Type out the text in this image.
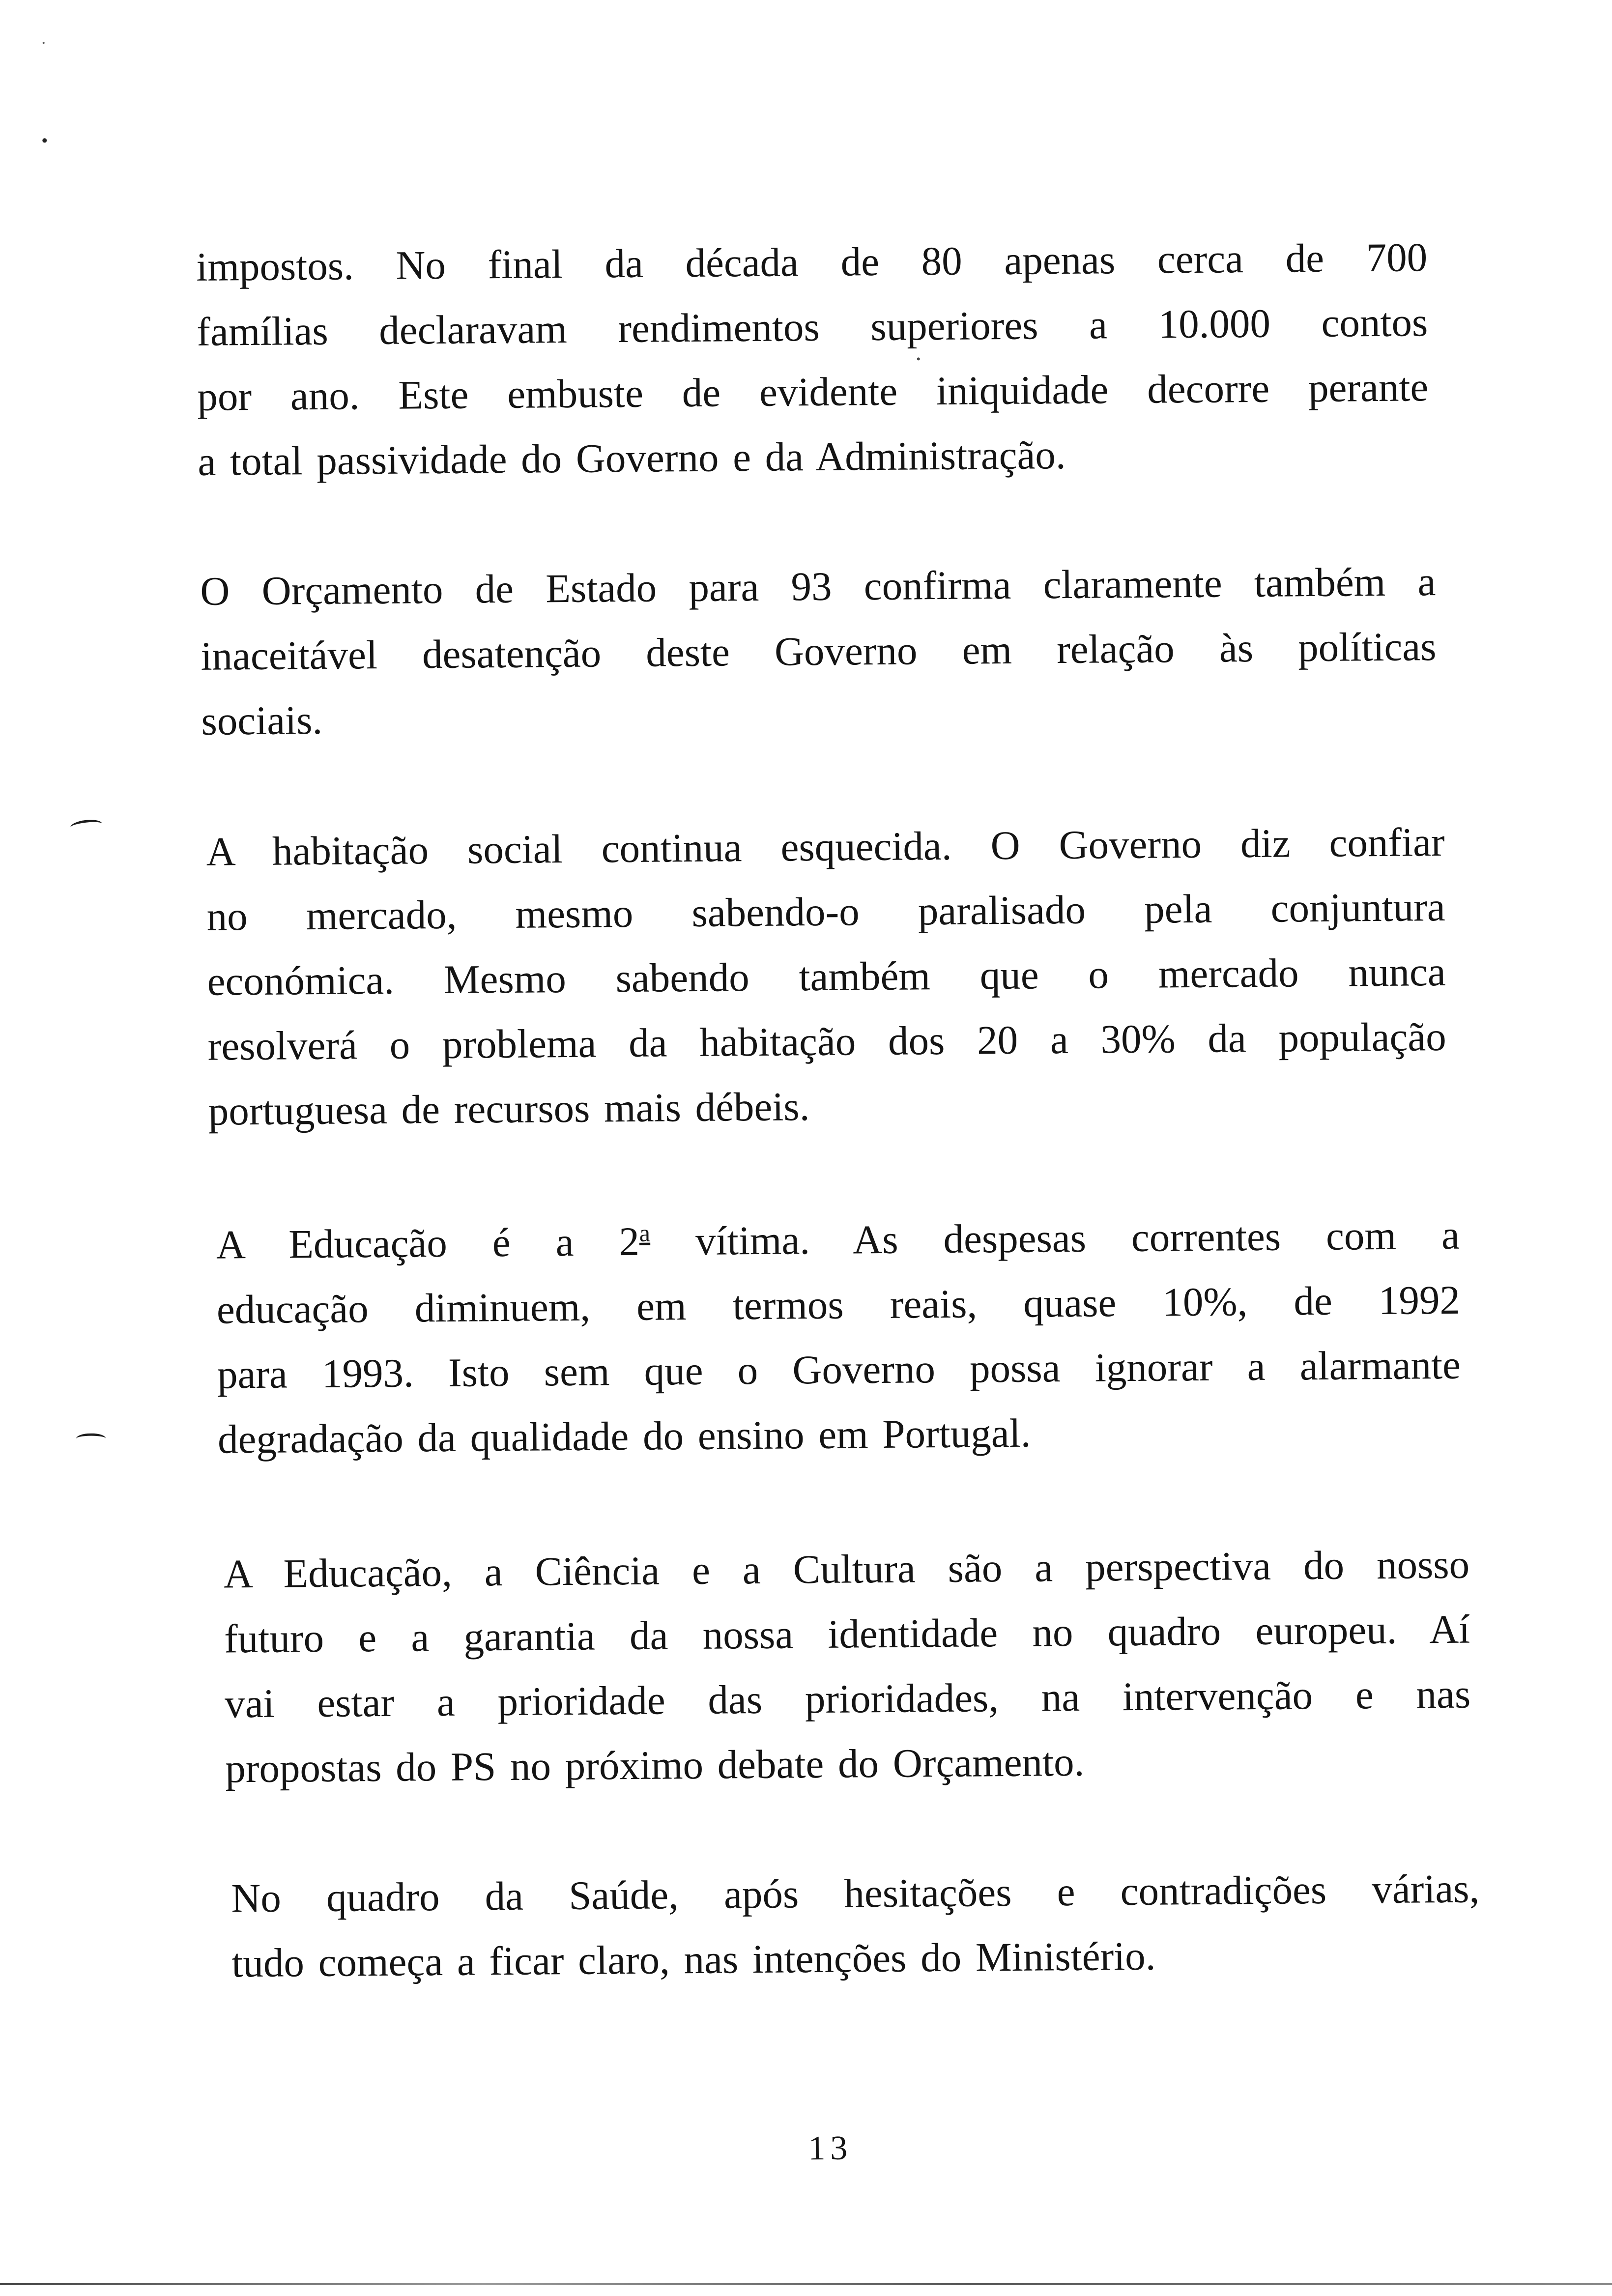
impostos. No final da década de 80 apenas cerca de 700
famílias declaravam rendimentos superiores a 10.000 contos
por ano. Este embuste de evidente iniquidade decorre perante
a total passividade do Governo e da Administração.
O Orçamento de Estado para 93 confirma claramente também a
inaceitável desatenção deste Governo em relação às políticas
sociais.
A habitação social continua esquecida. O Governo diz confiar
no mercado, mesmo sabendo-o paralisado pela conjuntura
económica. Mesmo sabendo também que o mercado nunca
resolverá o problema da habitação dos 20 a 30% da população
portuguesa de recursos mais débeis.
A Educação é a 2$^a$ vítima. As despesas correntes com a
educação diminuem, em termos reais, quase 10%, de 1992
para 1993. Isto sem que o Governo possa ignorar a alarmante
degradação da qualidade do ensino em Portugal.
A Educação, a Ciência e a Cultura são a perspectiva do nosso
futuro e a garantia da nossa identidade no quadro europeu. Aí
vai estar a prioridade das prioridades, na intervenção e nas
propostas do PS no próximo debate do Orçamento.
No quadro da Saúde, após hesitações e contradições várias,
tudo começa a ficar claro, nas intenções do Ministério.
13
